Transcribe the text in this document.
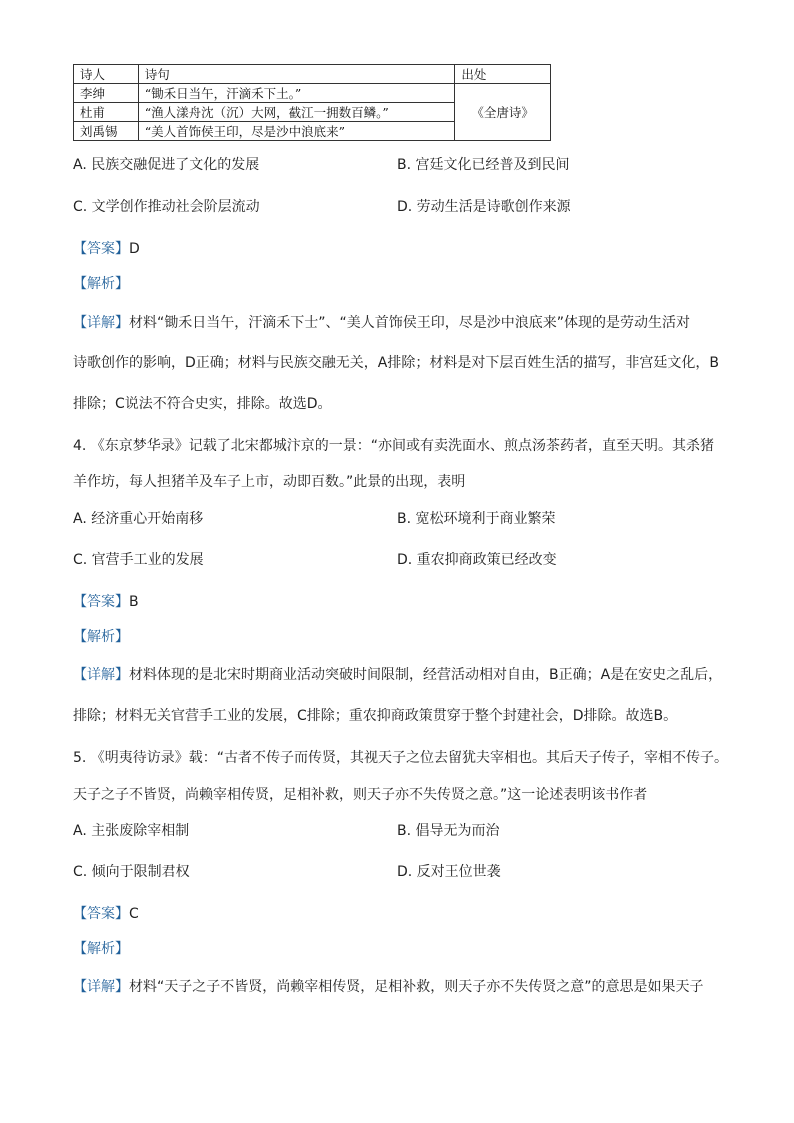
诗人	诗句	出处
李绅	“锄禾日当午，汗滴禾下土。”	《全唐诗》
杜甫	“渔人漾舟沈（沉）大网，截江一拥数百鳞。”	
刘禹锡	“美人首饰侯王印，尽是沙中浪底来”	
A. 民族交融促进了文化的发展	B. 宫廷文化已经普及到民间
C. 文学创作推动社会阶层流动	D. 劳动生活是诗歌创作来源
【答案】D
【解析】
【详解】材料“锄禾日当午，汗滴禾下士”、“美人首饰侯王印，尽是沙中浪底来”体现的是劳动生活对
诗歌创作的影响，D正确；材料与民族交融无关，A排除；材料是对下层百姓生活的描写，非宫廷文化，B
排除；C说法不符合史实，排除。故选D。
4. 《东京梦华录》记载了北宋都城汴京的一景：“亦间或有卖洗面水、煎点汤茶药者，直至天明。其杀猪
羊作坊，每人担猪羊及车子上市，动即百数。”此景的出现，表明
A. 经济重心开始南移	B. 宽松环境利于商业繁荣
C. 官营手工业的发展	D. 重农抑商政策已经改变
【答案】B
【解析】
【详解】材料体现的是北宋时期商业活动突破时间限制，经营活动相对自由，B正确；A是在安史之乱后，
排除；材料无关官营手工业的发展，C排除；重农抑商政策贯穿于整个封建社会，D排除。故选B。
5. 《明夷待访录》载：“古者不传子而传贤，其视天子之位去留犹夫宰相也。其后天子传子，宰相不传子。
天子之子不皆贤，尚赖宰相传贤，足相补救，则天子亦不失传贤之意。”这一论述表明该书作者
A. 主张废除宰相制	B. 倡导无为而治
C. 倾向于限制君权	D. 反对王位世袭
【答案】C
【解析】
【详解】材料“天子之子不皆贤，尚赖宰相传贤，足相补救，则天子亦不失传贤之意”的意思是如果天子
